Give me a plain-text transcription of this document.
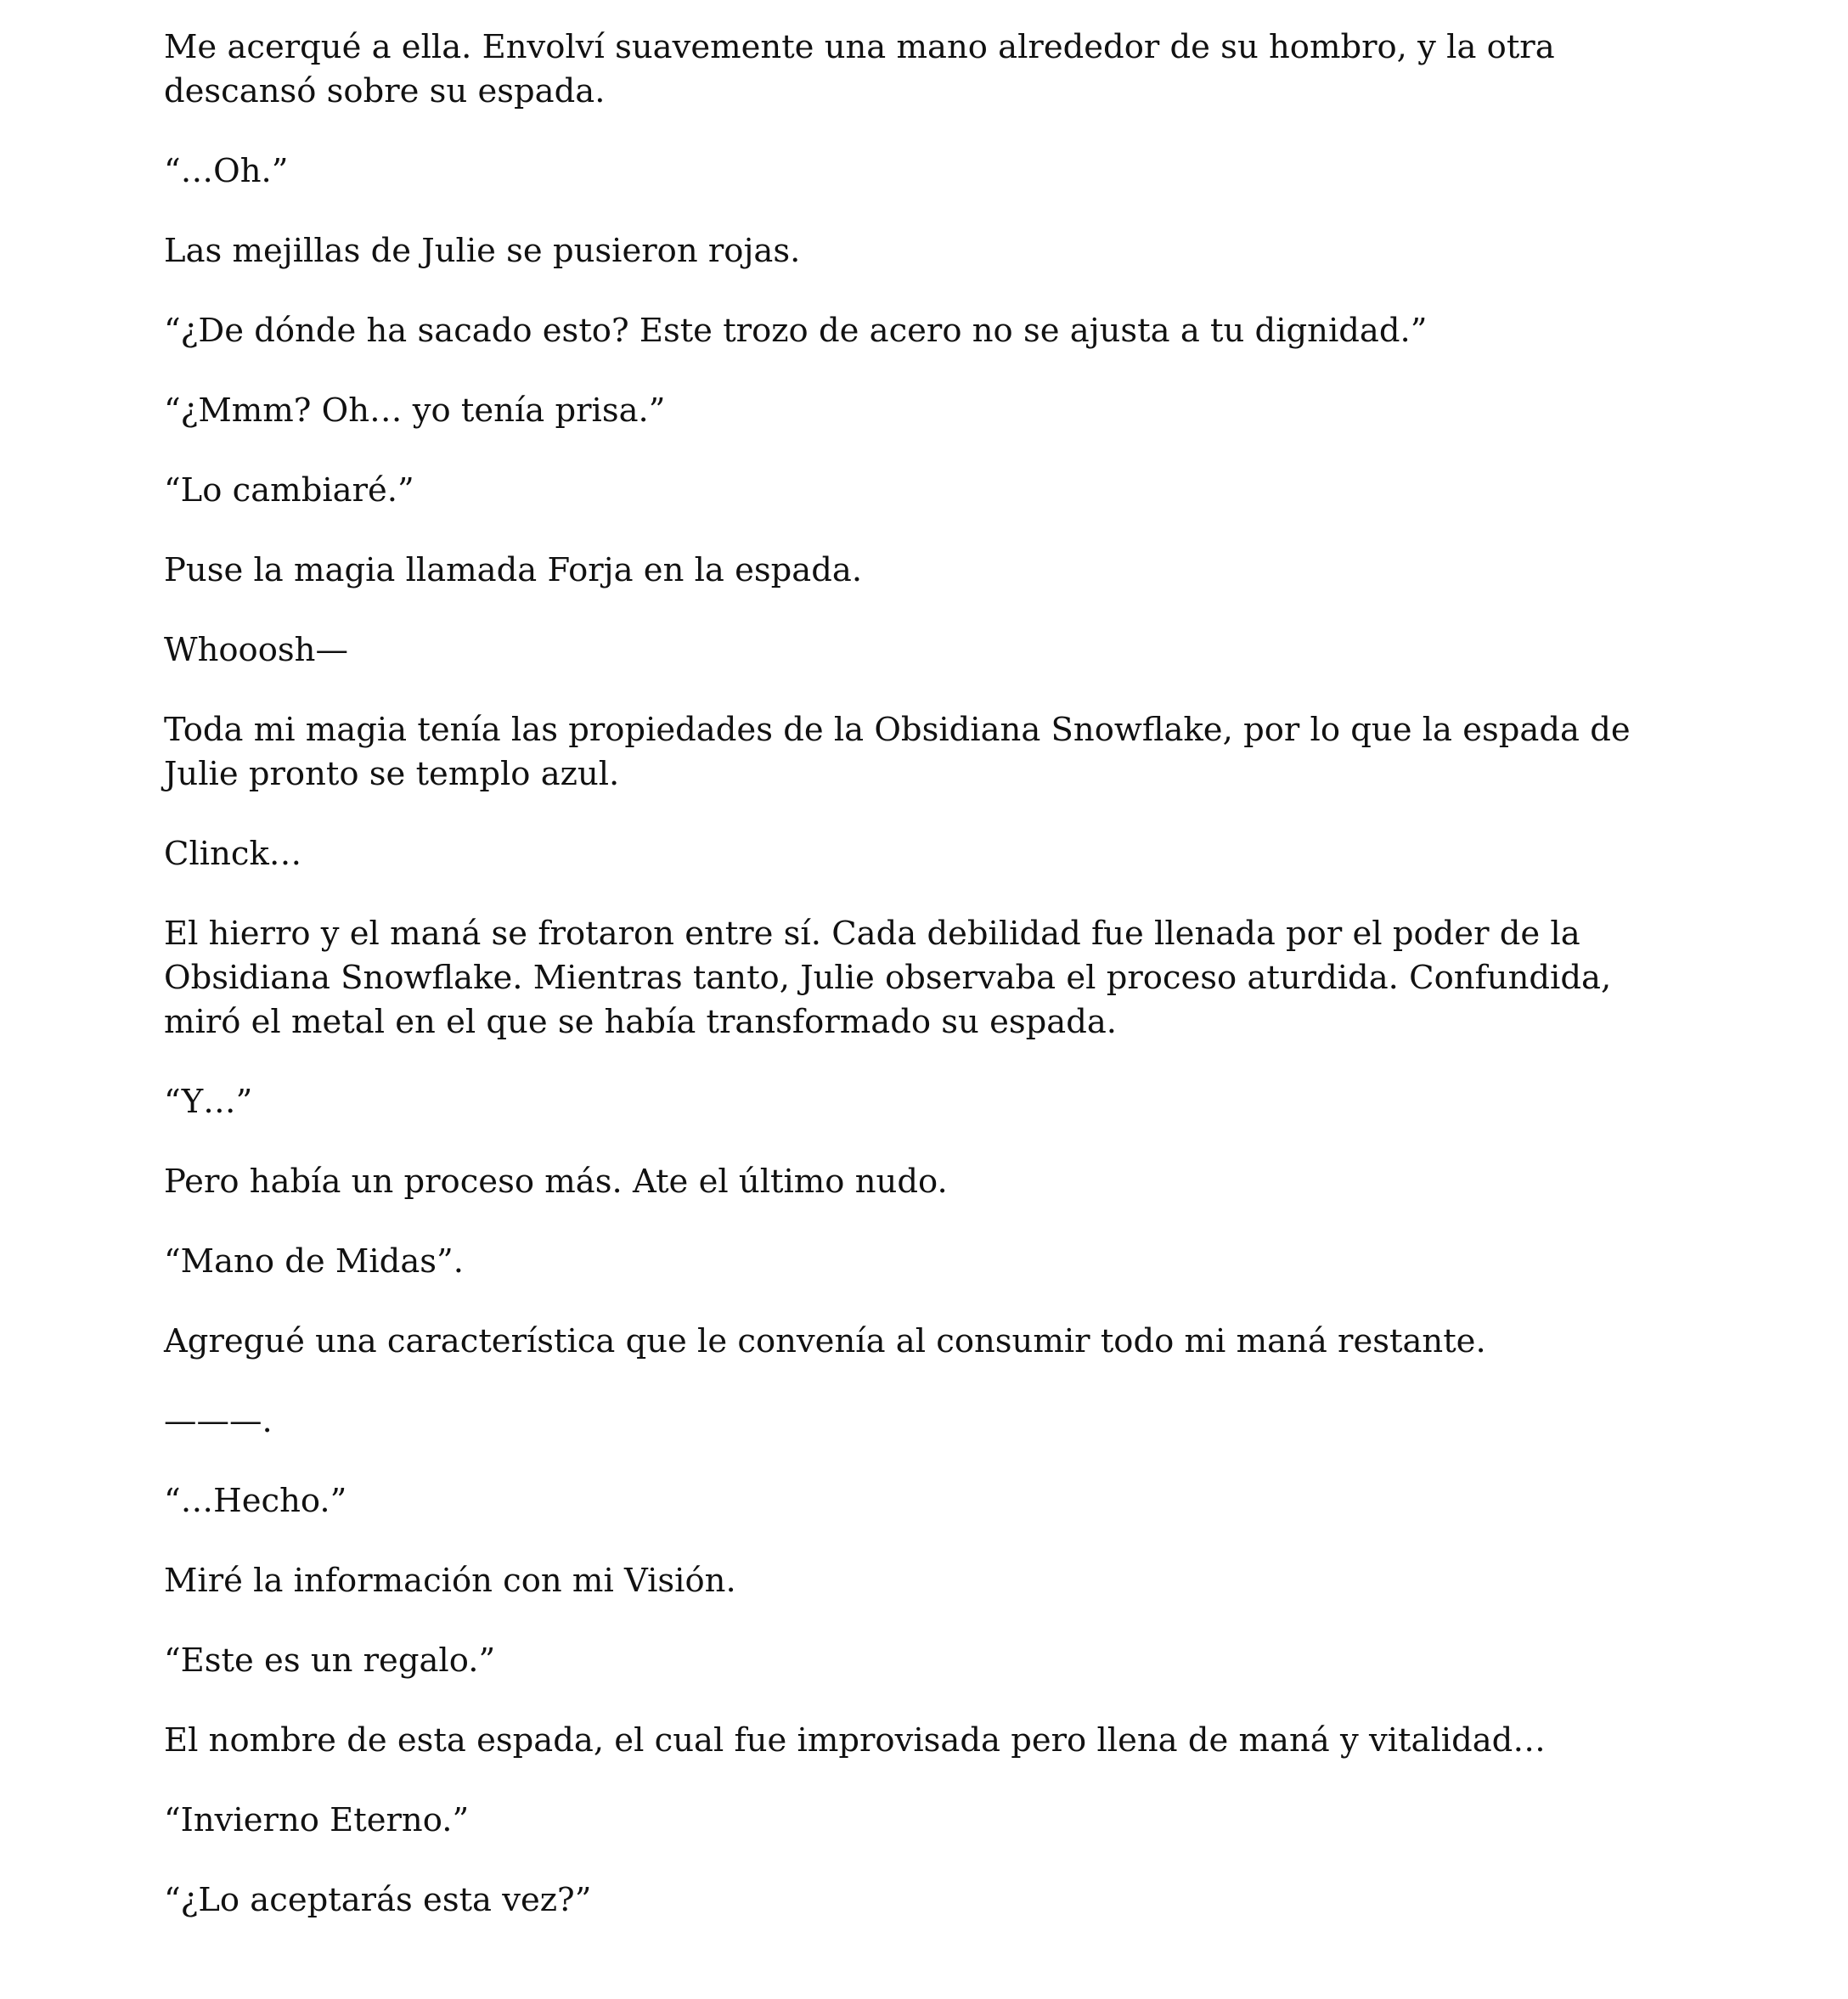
Me acerqué a ella. Envolví suavemente una mano alrededor de su hombro, y la otra descansó sobre su espada.

“…Oh.”

Las mejillas de Julie se pusieron rojas.

“¿De dónde ha sacado esto? Este trozo de acero no se ajusta a tu dignidad.”

“¿Mmm? Oh… yo tenía prisa.”

“Lo cambiaré.”

Puse la magia llamada Forja en la espada.

Whooosh—

Toda mi magia tenía las propiedades de la Obsidiana Snowflake, por lo que la espada de Julie pronto se templo azul.

Clinck…

El hierro y el maná se frotaron entre sí. Cada debilidad fue llenada por el poder de la Obsidiana Snowflake. Mientras tanto, Julie observaba el proceso aturdida. Confundida, miró el metal en el que se había transformado su espada.

“Y…”

Pero había un proceso más. Ate el último nudo.

“Mano de Midas”.

Agregué una característica que le convenía al consumir todo mi maná restante.

———.

“…Hecho.”

Miré la información con mi Visión.

“Este es un regalo.”

El nombre de esta espada, el cual fue improvisada pero llena de maná y vitalidad…

“Invierno Eterno.”

“¿Lo aceptarás esta vez?”
